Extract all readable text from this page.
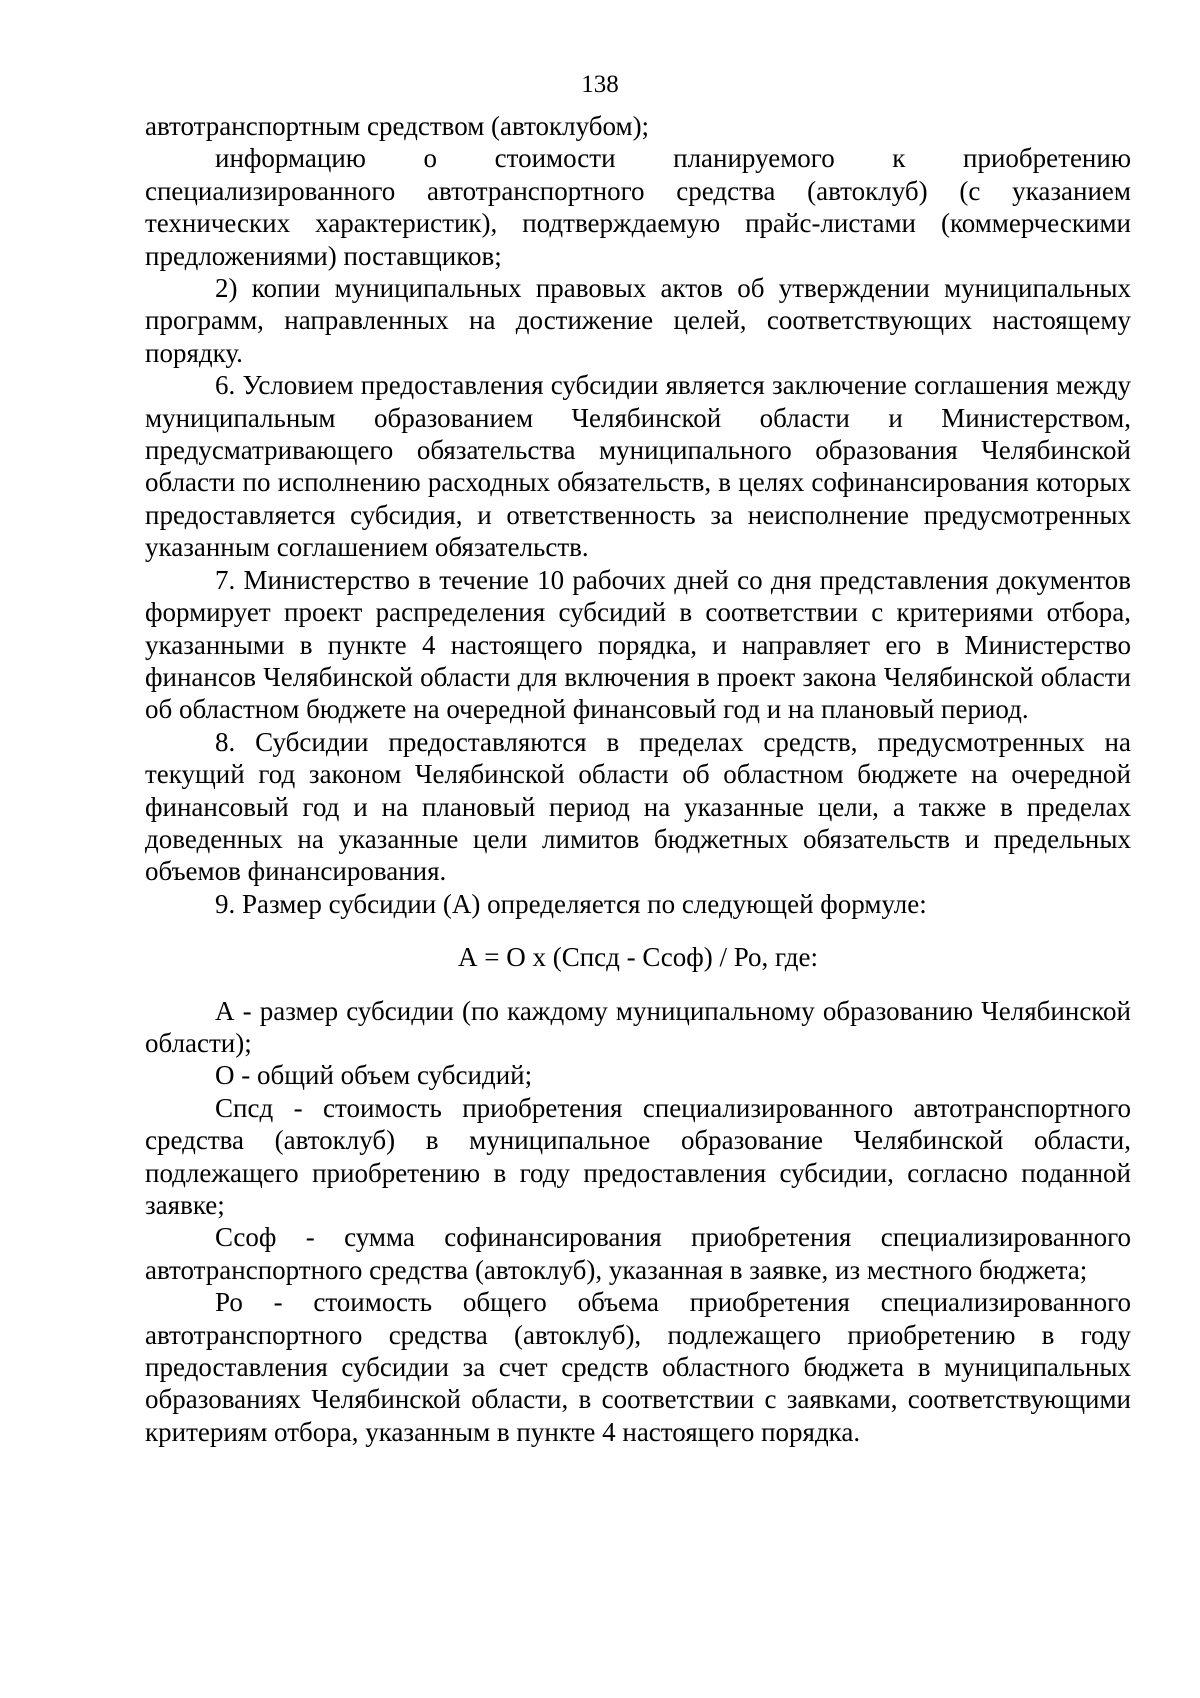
138

автотранспортным средством (автоклубом);

информацию о стоимости планируемого к приобретению специализированного автотранспортного средства (автоклуб) (с указанием технических характеристик), подтверждаемую прайс-листами (коммерческими предложениями) поставщиков;

2) копии муниципальных правовых актов об утверждении муниципальных программ, направленных на достижение целей, соответствующих настоящему порядку.

6. Условием предоставления субсидии является заключение соглашения между муниципальным образованием Челябинской области и Министерством, предусматривающего обязательства муниципального образования Челябинской области по исполнению расходных обязательств, в целях софинансирования которых предоставляется субсидия, и ответственность за неисполнение предусмотренных указанным соглашением обязательств.

7. Министерство в течение 10 рабочих дней со дня представления документов формирует проект распределения субсидий в соответствии с критериями отбора, указанными в пункте 4 настоящего порядка, и направляет его в Министерство финансов Челябинской области для включения в проект закона Челябинской области об областном бюджете на очередной финансовый год и на плановый период.

8. Субсидии предоставляются в пределах средств, предусмотренных на текущий год законом Челябинской области об областном бюджете на очередной финансовый год и на плановый период на указанные цели, а также в пределах доведенных на указанные цели лимитов бюджетных обязательств и предельных объемов финансирования.

9. Размер субсидии (А) определяется по следующей формуле:

А = О х (Спсд - Ссоф) / Ро, где:

А - размер субсидии (по каждому муниципальному образованию Челябинской области);

О - общий объем субсидий;

Спсд - стоимость приобретения специализированного автотранспортного средства (автоклуб) в муниципальное образование Челябинской области, подлежащего приобретению в году предоставления субсидии, согласно поданной заявке;

Ссоф - сумма софинансирования приобретения специализированного автотранспортного средства (автоклуб), указанная в заявке, из местного бюджета;

Ро - стоимость общего объема приобретения специализированного автотранспортного средства (автоклуб), подлежащего приобретению в году предоставления субсидии за счет средств областного бюджета в муниципальных образованиях Челябинской области, в соответствии с заявками, соответствующими критериям отбора, указанным в пункте 4 настоящего порядка.
